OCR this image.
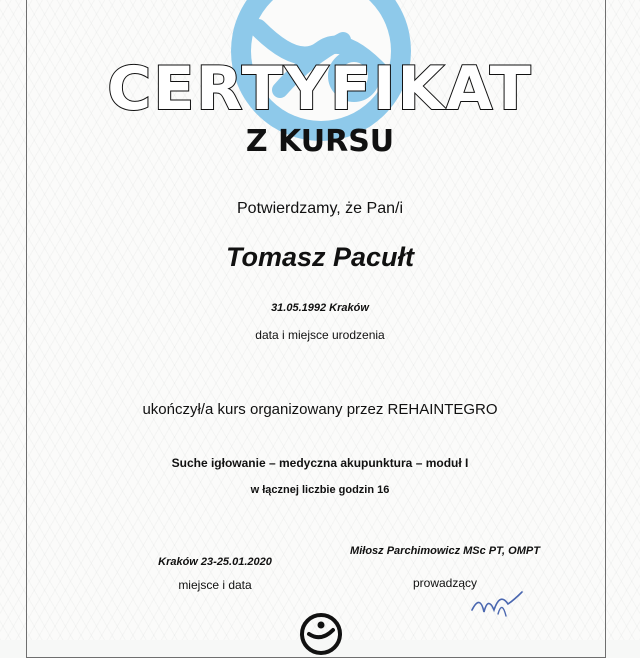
CERTYFIKAT
Z KURSU
Potwierdzamy, że Pan/i
Tomasz Pacułt
31.05.1992 Kraków
data i miejsce urodzenia
ukończył/a kurs organizowany przez REHAINTEGRO
Suche igłowanie – medyczna akupunktura – moduł I
w łącznej liczbie godzin 16
Kraków 23-25.01.2020
miejsce i data
Miłosz Parchimowicz MSc PT, OMPT
prowadzący
